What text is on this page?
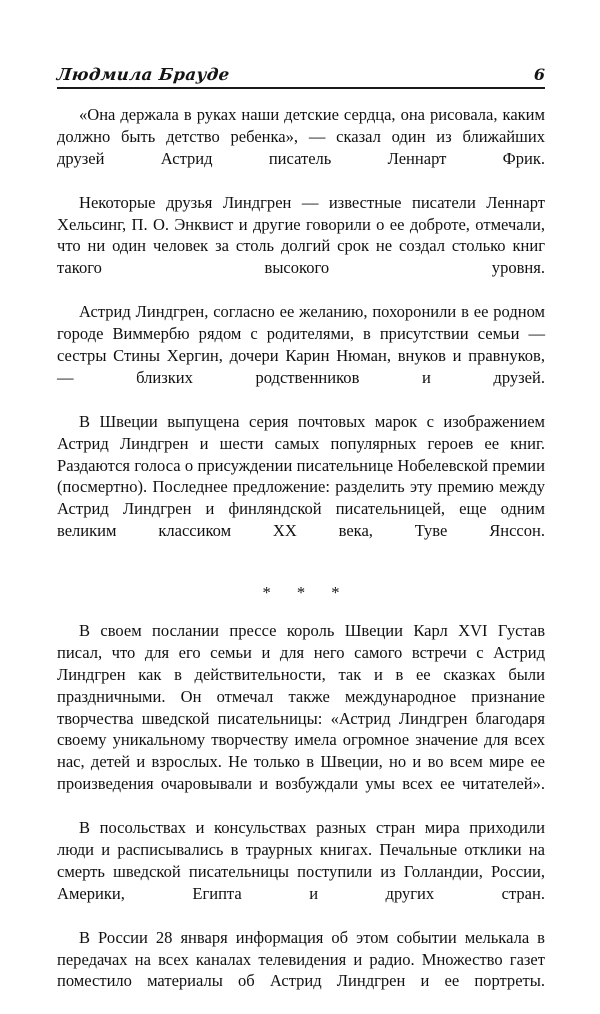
Людмила Брауде	6

«Она держала в руках наши детские сердца, она рисовала, каким должно быть детство ребенка», — сказал один из ближайших друзей Астрид писатель Леннарт Фрик.

Некоторые друзья Линдгрен — известные писатели Леннарт Хельсинг, П. О. Энквист и другие говорили о ее доброте, отмечали, что ни один человек за столь долгий срок не создал столько книг такого высокого уровня.

Астрид Линдгрен, согласно ее желанию, похоронили в ее родном городе Виммербю рядом с родителями, в присутствии семьи — сестры Стины Хергин, дочери Карин Нюман, внуков и правнуков, — близких родственников и друзей.

В Швеции выпущена серия почтовых марок с изображением Астрид Линдгрен и шести самых популярных героев ее книг. Раздаются голоса о присуждении писательнице Нобелевской премии (посмертно). Последнее предложение: разделить эту премию между Астрид Линдгрен и финляндской писательницей, еще одним великим классиком XX века, Туве Янссон.

* * *

В своем послании прессе король Швеции Карл XVI Густав писал, что для его семьи и для него самого встречи с Астрид Линдгрен как в действительности, так и в ее сказках были праздничными. Он отмечал также международное признание творчества шведской писательницы: «Астрид Линдгрен благодаря своему уникальному творчеству имела огромное значение для всех нас, детей и взрослых. Не только в Швеции, но и во всем мире ее произведения очаровывали и возбуждали умы всех ее читателей».

В посольствах и консульствах разных стран мира приходили люди и расписывались в траурных книгах. Печальные отклики на смерть шведской писательницы поступили из Голландии, России, Америки, Египта и других стран.

В России 28 января информация об этом событии мелькала в передачах на всех каналах телевидения и радио. Множество газет поместило материалы об Астрид Линдгрен и ее портреты.
